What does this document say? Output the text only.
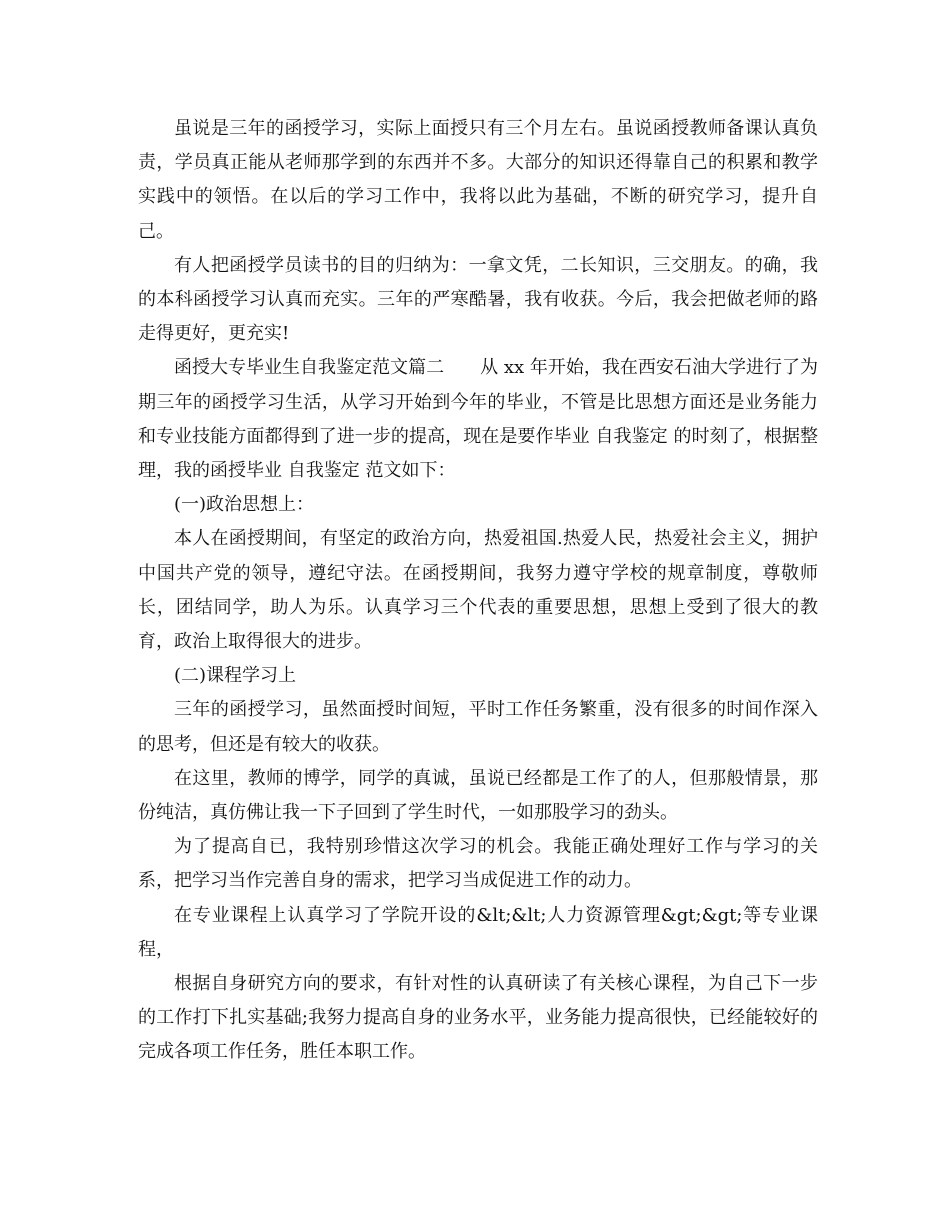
虽说是三年的函授学习，实际上面授只有三个月左右。虽说函授教师备课认真负责，学员真正能从老师那学到的东西并不多。大部分的知识还得靠自己的积累和教学实践中的领悟。在以后的学习工作中，我将以此为基础，不断的研究学习，提升自己。

有人把函授学员读书的目的归纳为：一拿文凭，二长知识，三交朋友。的确，我的本科函授学习认真而充实。三年的严寒酷暑，我有收获。今后，我会把做老师的路走得更好，更充实!

函授大专毕业生自我鉴定范文篇二　　从 xx 年开始，我在西安石油大学进行了为期三年的函授学习生活，从学习开始到今年的毕业，不管是比思想方面还是业务能力和专业技能方面都得到了进一步的提高，现在是要作毕业 自我鉴定 的时刻了，根据整理，我的函授毕业 自我鉴定 范文如下：

(一)政治思想上：

本人在函授期间，有坚定的政治方向，热爱祖国.热爱人民，热爱社会主义，拥护中国共产党的领导，遵纪守法。在函授期间，我努力遵守学校的规章制度，尊敬师长，团结同学，助人为乐。认真学习三个代表的重要思想，思想上受到了很大的教育，政治上取得很大的进步。

(二)课程学习上

三年的函授学习，虽然面授时间短，平时工作任务繁重，没有很多的时间作深入的思考，但还是有较大的收获。

在这里，教师的博学，同学的真诚，虽说已经都是工作了的人，但那般情景，那份纯洁，真仿佛让我一下子回到了学生时代，一如那股学习的劲头。

为了提高自已，我特别珍惜这次学习的机会。我能正确处理好工作与学习的关系，把学习当作完善自身的需求，把学习当成促进工作的动力。

在专业课程上认真学习了学院开设的&lt;&lt;人力资源管理&gt;&gt;等专业课程，

根据自身研究方向的要求，有针对性的认真研读了有关核心课程，为自己下一步的工作打下扎实基础;我努力提高自身的业务水平，业务能力提高很快，已经能较好的完成各项工作任务，胜任本职工作。
